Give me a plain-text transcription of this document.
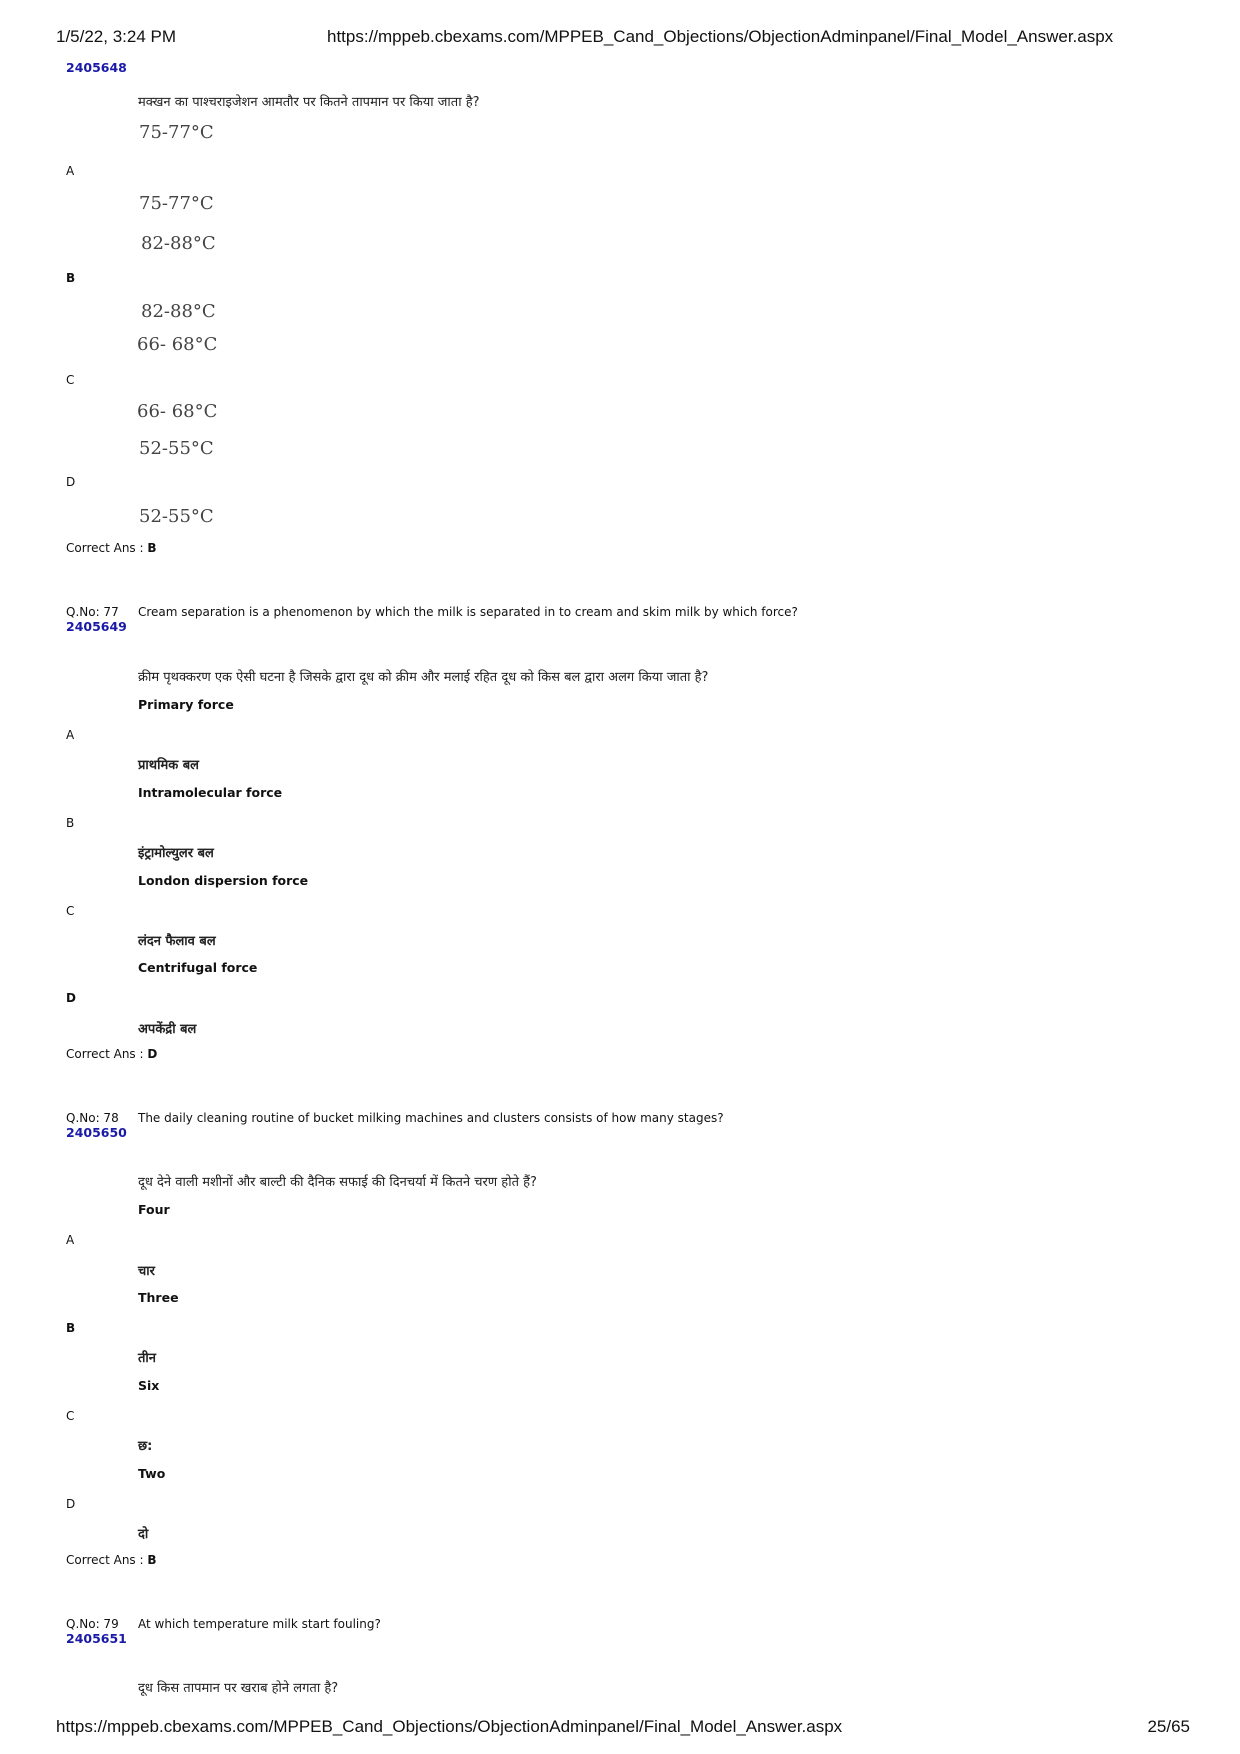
1/5/22, 3:24 PM	https://mppeb.cbexams.com/MPPEB_Cand_Objections/ObjectionAdminpanel/Final_Model_Answer.aspx
2405648
मक्खन का पाश्चराइजेशन आमतौर पर कितने तापमान पर किया जाता है?
75-77°C
A
75-77°C
82-88°C
B
82-88°C
66- 68°C
C
66- 68°C
52-55°C
D
52-55°C
Correct Ans : B
Q.No: 77 Cream separation is a phenomenon by which the milk is separated in to cream and skim milk by which force?
2405649
क्रीम पृथक्करण एक ऐसी घटना है जिसके द्वारा दूध को क्रीम और मलाई रहित दूध को किस बल द्वारा अलग किया जाता है?
Primary force
A
प्राथमिक बल
Intramolecular force
B
इंट्रामोल्युलर बल
London dispersion force
C
लंदन फैलाव बल
Centrifugal force
D
अपकेंद्री बल
Correct Ans : D
Q.No: 78 The daily cleaning routine of bucket milking machines and clusters consists of how many stages?
2405650
दूध देने वाली मशीनों और बाल्टी की दैनिक सफाई की दिनचर्या में कितने चरण होते हैं?
Four
A
चार
Three
B
तीन
Six
C
छ:
Two
D
दो
Correct Ans : B
Q.No: 79 At which temperature milk start fouling?
2405651
दूध किस तापमान पर खराब होने लगता है?
https://mppeb.cbexams.com/MPPEB_Cand_Objections/ObjectionAdminpanel/Final_Model_Answer.aspx	25/65
